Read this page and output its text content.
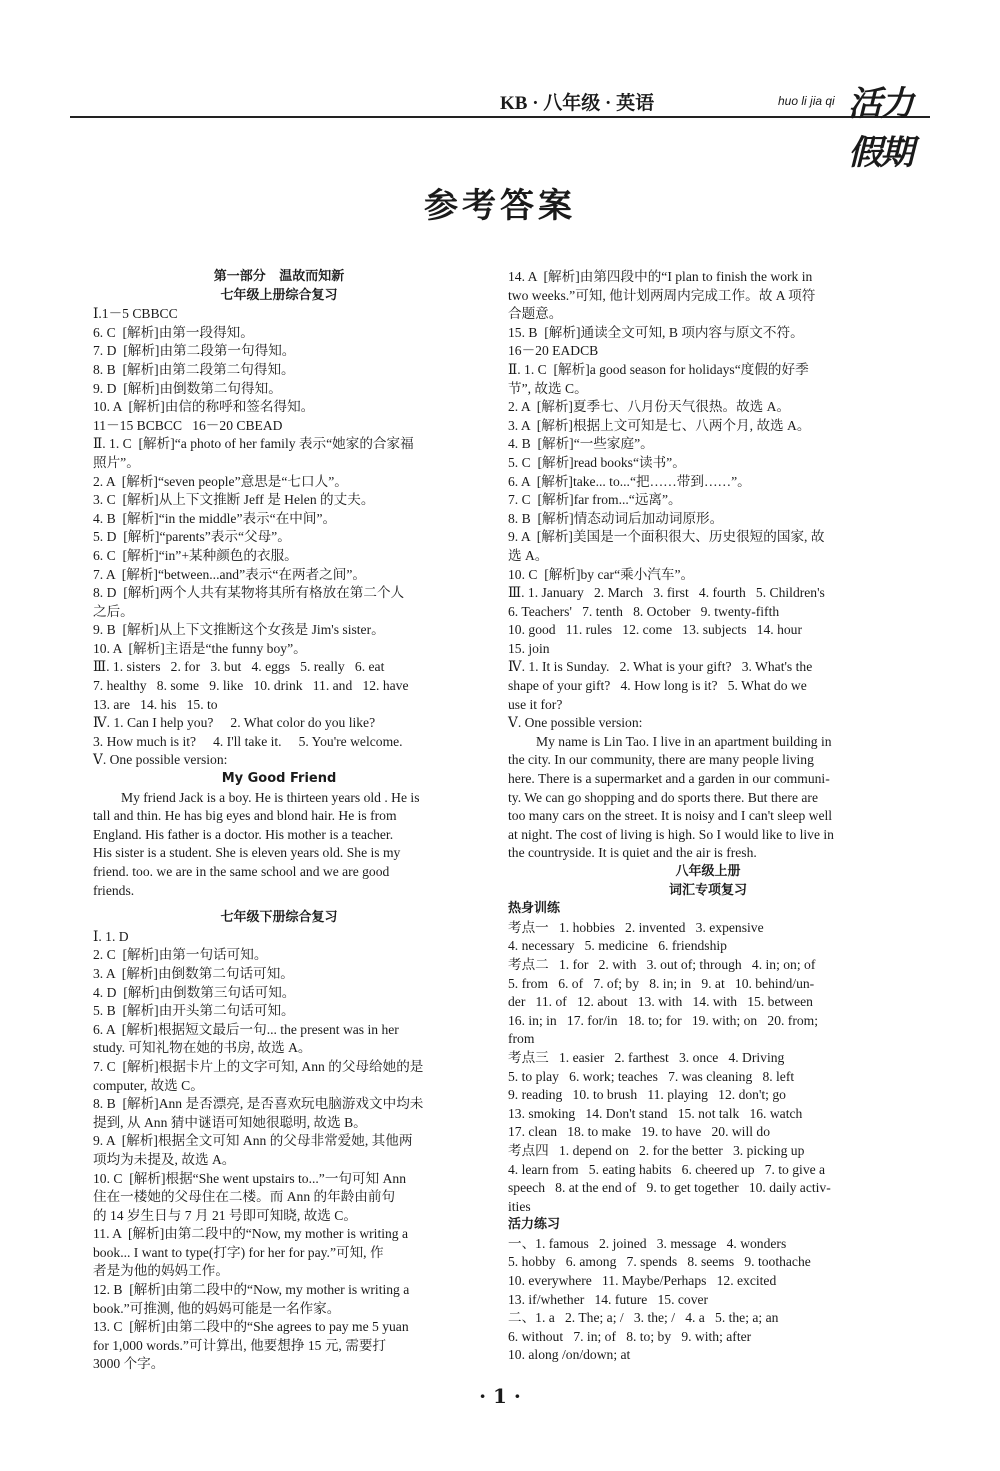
KB · 八年级 · 英语	huo li jia qi 活力假期
参考答案
第一部分   温故而知新
七年级上册综合复习
Ⅰ.1－5 CBBCC
6. C  [解析]由第一段得知。
7. D  [解析]由第二段第一句得知。
8. B  [解析]由第二段第二句得知。
9. D  [解析]由倒数第二句得知。
10. A  [解析]由信的称呼和签名得知。
11－15 BCBCC   16－20 CBEAD
Ⅱ. 1. C  [解析]“a photo of her family 表示“她家的合家福
照片”。
2. A  [解析]“seven people”意思是“七口人”。
3. C  [解析]从上下文推断 Jeff 是 Helen 的丈夫。
4. B  [解析]“in the middle”表示“在中间”。
5. D  [解析]“parents”表示“父母”。
6. C  [解析]“in”+某种颜色的衣服。
7. A  [解析]“between...and”表示“在两者之间”。
8. D  [解析]两个人共有某物将其所有格放在第二个人
之后。
9. B  [解析]从上下文推断这个女孩是 Jim's sister。
10. A  [解析]主语是“the funny boy”。
Ⅲ. 1. sisters   2. for   3. but   4. eggs   5. really   6. eat
7. healthy   8. some   9. like   10. drink   11. and   12. have
13. are   14. his   15. to
Ⅳ. 1. Can I help you?     2. What color do you like?
3. How much is it?     4. I'll take it.     5. You're welcome.
Ⅴ. One possible version:
My Good Friend
My friend Jack is a boy. He is thirteen years old . He is
tall and thin. He has big eyes and blond hair. He is from
England. His father is a doctor. His mother is a teacher.
His sister is a student. She is eleven years old. She is my
friend. too. we are in the same school and we are good
friends.
七年级下册综合复习
Ⅰ. 1. D
2. C  [解析]由第一句话可知。
3. A  [解析]由倒数第二句话可知。
4. D  [解析]由倒数第三句话可知。
5. B  [解析]由开头第二句话可知。
6. A  [解析]根据短文最后一句... the present was in her
study. 可知礼物在她的书房, 故选 A。
7. C  [解析]根据卡片上的文字可知, Ann 的父母给她的是
computer, 故选 C。
8. B  [解析]Ann 是否漂亮, 是否喜欢玩电脑游戏文中均未
提到, 从 Ann 猜中谜语可知她很聪明, 故选 B。
9. A  [解析]根据全文可知 Ann 的父母非常爱她, 其他两
项均为未提及, 故选 A。
10. C  [解析]根据“She went upstairs to...”一句可知 Ann
住在一楼她的父母住在二楼。而 Ann 的年龄由前句
的 14 岁生日与 7 月 21 号即可知晓, 故选 C。
11. A  [解析]由第二段中的“Now, my mother is writing a
book... I want to type(打字) for her for pay.”可知, 作
者是为他的妈妈工作。
12. B  [解析]由第二段中的“Now, my mother is writing a
book.”可推测, 他的妈妈可能是一名作家。
13. C  [解析]由第二段中的“She agrees to pay me 5 yuan
for 1,000 words.”可计算出, 他要想挣 15 元, 需要打
3000 个字。
14. A  [解析]由第四段中的“I plan to finish the work in
two weeks.”可知, 他计划两周内完成工作。故 A 项符
合题意。
15. B  [解析]通读全文可知, B 项内容与原文不符。
16－20 EADCB
Ⅱ. 1. C  [解析]a good season for holidays“度假的好季
节”, 故选 C。
2. A  [解析]夏季七、八月份天气很热。故选 A。
3. A  [解析]根据上文可知是七、八两个月, 故选 A。
4. B  [解析]“一些家庭”。
5. C  [解析]read books“读书”。
6. A  [解析]take... to...“把……带到……”。
7. C  [解析]far from...“远离”。
8. B  [解析]情态动词后加动词原形。
9. A  [解析]美国是一个面积很大、历史很短的国家, 故
选 A。
10. C  [解析]by car“乘小汽车”。
Ⅲ. 1. January   2. March   3. first   4. fourth   5. Children's
6. Teachers'   7. tenth   8. October   9. twenty-fifth
10. good   11. rules   12. come   13. subjects   14. hour
15. join
Ⅳ. 1. It is Sunday.   2. What is your gift?   3. What's the
shape of your gift?   4. How long is it?   5. What do we
use it for?
Ⅴ. One possible version:
My name is Lin Tao. I live in an apartment building in
the city. In our community, there are many people living
here. There is a supermarket and a garden in our communi-
ty. We can go shopping and do sports there. But there are
too many cars on the street. It is noisy and I can't sleep well
at night. The cost of living is high. So I would like to live in
the countryside. It is quiet and the air is fresh.
八年级上册
词汇专项复习
热身训练
考点一   1. hobbies   2. invented   3. expensive
4. necessary   5. medicine   6. friendship
考点二   1. for   2. with   3. out of; through   4. in; on; of
5. from   6. of   7. of; by   8. in; in   9. at   10. behind/un-
der   11. of   12. about   13. with   14. with   15. between
16. in; in   17. for/in   18. to; for   19. with; on   20. from;
from
考点三   1. easier   2. farthest   3. once   4. Driving
5. to play   6. work; teaches   7. was cleaning   8. left
9. reading   10. to brush   11. playing   12. don't; go
13. smoking   14. Don't stand   15. not talk   16. watch
17. clean   18. to make   19. to have   20. will do
考点四   1. depend on   2. for the better   3. picking up
4. learn from   5. eating habits   6. cheered up   7. to give a
speech   8. at the end of   9. to get together   10. daily activ-
ities
活力练习
一、1. famous   2. joined   3. message   4. wonders
5. hobby   6. among   7. spends   8. seems   9. toothache
10. everywhere   11. Maybe/Perhaps   12. excited
13. if/whether   14. future   15. cover
二、1. a   2. The; a; /   3. the; /   4. a   5. the; a; an
6. without   7. in; of   8. to; by   9. with; after
10. along /on/down; at
· 1 ·
